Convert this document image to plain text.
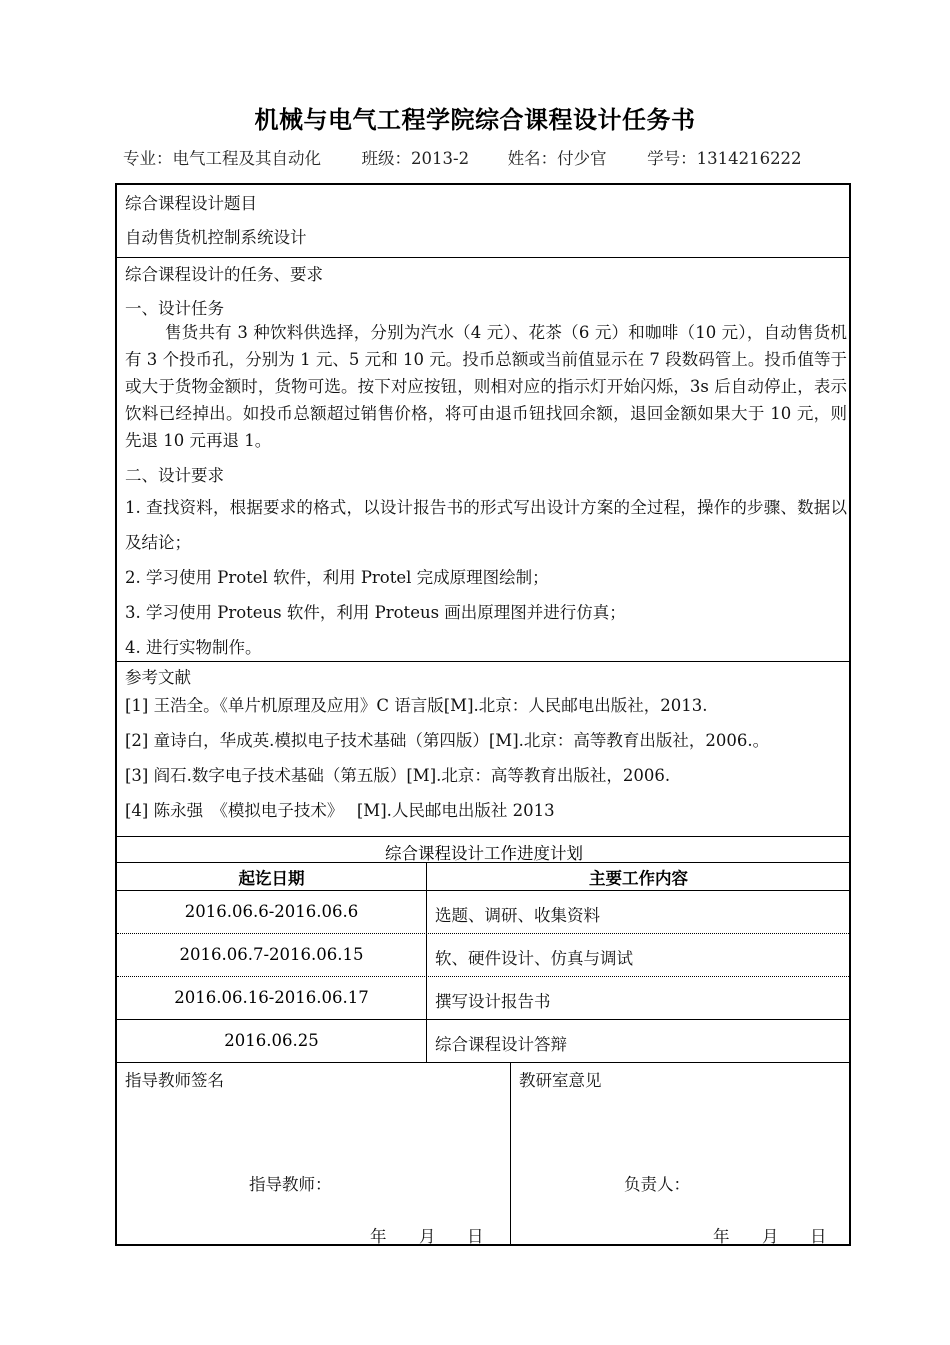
机械与电气工程学院综合课程设计任务书
专业：电气工程及其自动化 班级：2013-2 姓名：付少官 学号：1314216222
综合课程设计题目
自动售货机控制系统设计
综合课程设计的任务、要求
一、设计任务
售货共有 3 种饮料供选择，分别为汽水（4 元）、花茶（6 元）和咖啡（10 元），自动售货机有 3 个投币孔，分别为 1 元、5 元和 10 元。投币总额或当前值显示在 7 段数码管上。投币值等于或大于货物金额时，货物可选。按下对应按钮，则相对应的指示灯开始闪烁，3s 后自动停止，表示饮料已经掉出。如投币总额超过销售价格，将可由退币钮找回余额，退回金额如果大于 10 元，则先退 10 元再退 1。
二、设计要求
1. 查找资料，根据要求的格式，以设计报告书的形式写出设计方案的全过程，操作的步骤、数据以及结论；
2. 学习使用 Protel 软件，利用 Protel 完成原理图绘制；
3. 学习使用 Proteus 软件，利用 Proteus 画出原理图并进行仿真；
4. 进行实物制作。
参考文献
[1] 王浩全。《单片机原理及应用》C 语言版[M].北京：人民邮电出版社，2013.
[2] 童诗白，华成英.模拟电子技术基础（第四版）[M].北京：高等教育出版社，2006.。
[3] 阎石.数字电子技术基础（第五版）[M].北京：高等教育出版社，2006.
[4] 陈永强　《模拟电子技术》　 [M].人民邮电出版社 2013
综合课程设计工作进度计划
起讫日期	主要工作内容
2016.06.6-2016.06.6	选题、调研、收集资料
2016.06.7-2016.06.15	软、硬件设计、仿真与调试
2016.06.16-2016.06.17	撰写设计报告书
2016.06.25	综合课程设计答辩
指导教师签名
指导教师：
年 月 日
教研室意见
负责人：
年 月 日
